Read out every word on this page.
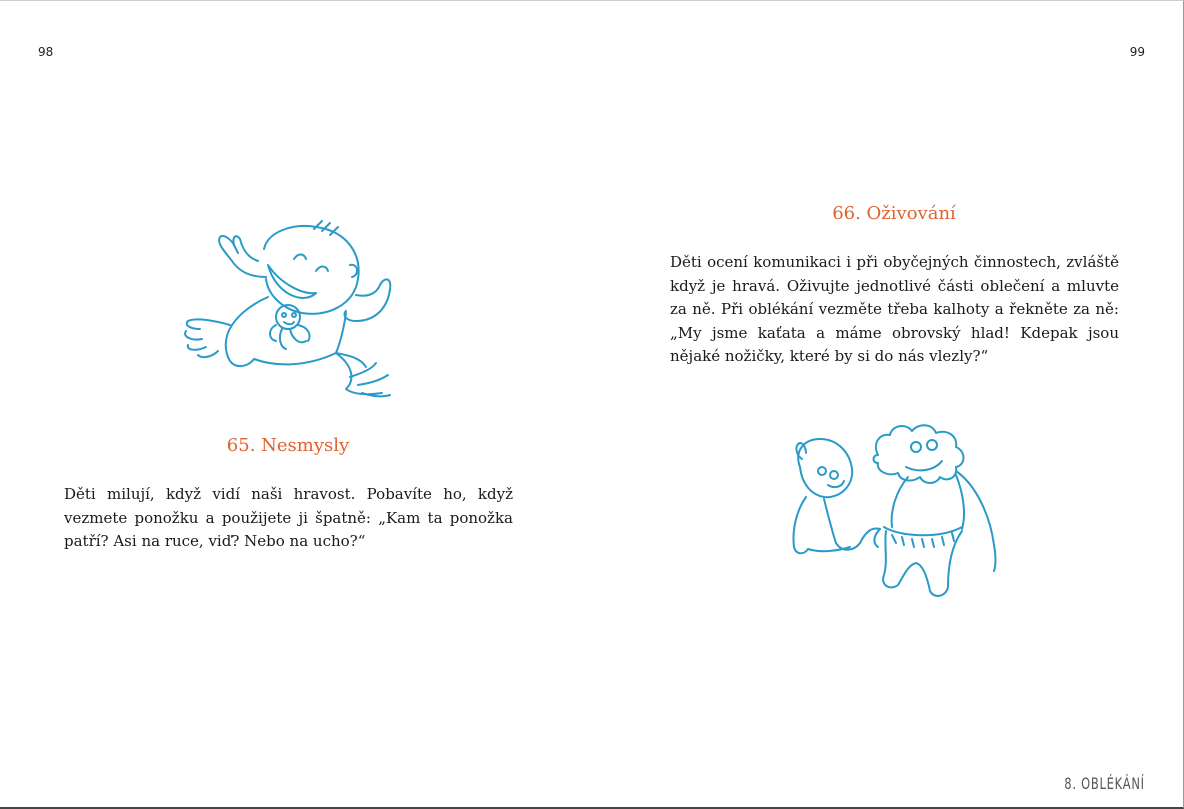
98
65. Nesmysly

Děti milují, když vidí naši hravost. Pobavíte ho, když vezmete ponožku a použijete ji špatně: „Kam ta ponožka patří? Asi na ruce, viď? Nebo na ucho?“

99
66. Oživování

Děti ocení komunikaci i při obyčejných činnostech, zvláště když je hravá. Oživujte jednotlivé části oblečení a mluvte za ně. Při oblékání vezměte třeba kalhoty a řekněte za ně: „My jsme kaťata a máme obrovský hlad! Kdepak jsou nějaké nožičky, které by si do nás vlezly?“

8. OBLÉKÁNÍ
